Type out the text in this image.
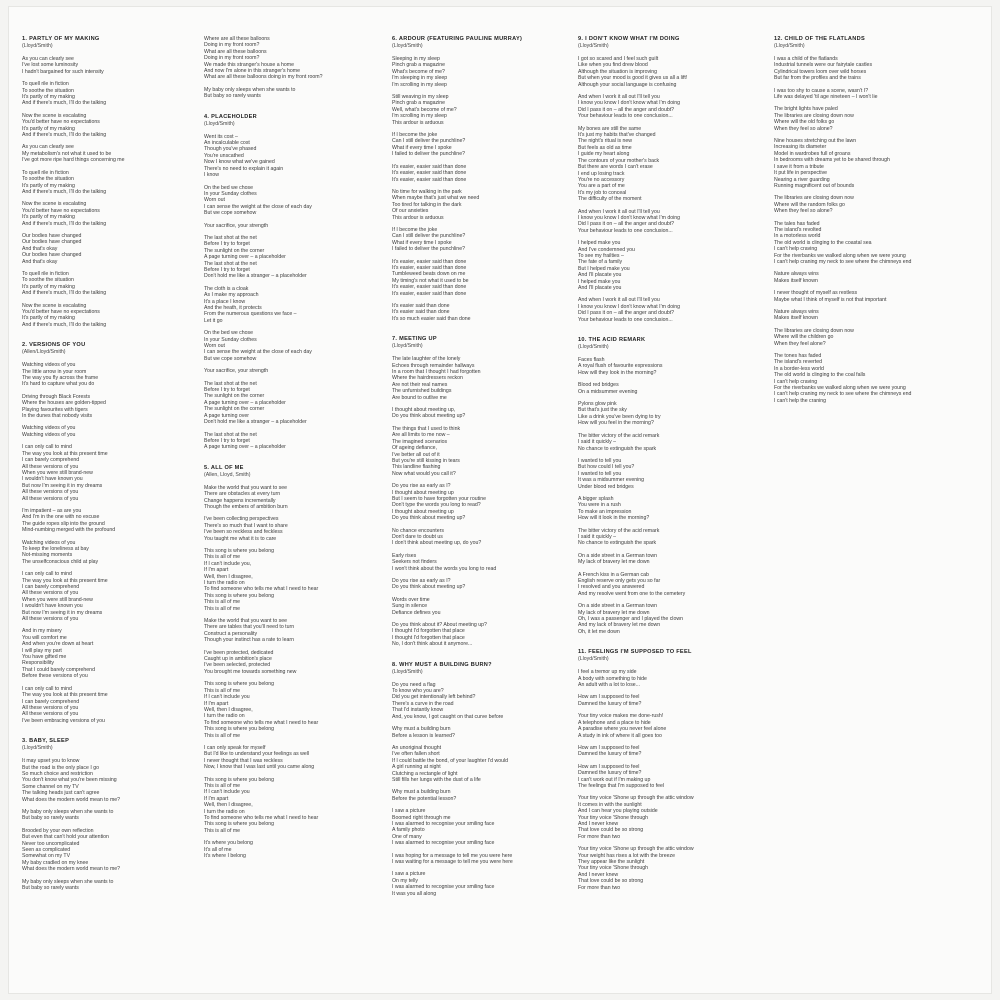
1. PARTLY OF MY MAKING
(Lloyd/Smith)
As you can clearly see
I've lost some luminosity
I hadn't bargained for such intensity
To quell rile in fiction
To soothe the situation
It's partly of my making
And if there's much, I'll do the talking
Now the scene is escalating
You'd better have no expectations
It's partly of my making
And if there's much, I'll do the talking
As you can clearly see
My metabolism's not what it used to be
I've got more ripe hard things concerning me
To quell rile in fiction
To soothe the situation
It's partly of my making
And if there's much, I'll do the talking
Now the scene is escalating
You'd better have no expectations
It's partly of my making
And if there's much, I'll do the talking
Our bodies have changed
Our bodies have changed
And that's okay
Our bodies have changed
And that's okay
To quell rile in fiction
To soothe the situation
It's partly of my making
And if there's much, I'll do the talking
Now the scene is escalating
You'd better have no expectations
It's partly of my making
And if there's much, I'll do the talking
2. VERSIONS OF YOU
(Allen/Lloyd/Smith)
Watching videos of you
The little arrow in your room
The way you fly across the frame
It's hard to capture what you do
Driving through Black Forests
Where the houses are golden-tipped
Playing favourites with tigers
In the dunes that nobody visits
Watching videos of you
Watching videos of you
I can only call to mind
The way you look at this present time
I can barely comprehend
All these versions of you
When you were still brand-new
I wouldn't have known you
But now I'm seeing it in my dreams
All these versions of you
All these versions of you
I'm impatient – as are you
And I'm in the one with no excuse
The guide ropes slip into the ground
Mind-numbing merged with the profound
Watching videos of you
To keep the loneliness at bay
Not-missing moments
The unselfconscious child at play
I can only call to mind
The way you look at this present time
I can barely comprehend
All these versions of you
When you were still brand-new
I wouldn't have known you
But now I'm seeing it in my dreams
All these versions of you
And in my misery
You will comfort me
And when you're down at heart
I will play my part
You have gifted me
Responsibility
That I could barely comprehend
Before these versions of you
I can only call to mind
The way you look at this present time
I can barely comprehend
All these versions of you
All these versions of you
I've been embracing versions of you
3. BABY, SLEEP
(Lloyd/Smith)
It may upset you to know
But the road is the only place I go
So much choice and restriction
You don't know what you're been missing
Some channel on my TV
The talking heads just can't agree
What does the modern world mean to me?
My baby only sleeps when she wants to
But baby so rarely wants
Brooded by your own reflection
But even that can't hold your attention
Never too uncomplicated
Seen as complicated
Somewhat on my TV
My baby cradled on my knee
What does the modern world mean to me?
My baby only sleeps when she wants to
But baby so rarely wants
Where are all these balloons
Doing in my front room?
What are all these balloons
Doing in my front room?
We made this stranger's house a home
And now I'm alone in this stranger's home
What are all these balloons doing in my front room?
My baby only sleeps when she wants to
But baby so rarely wants
4. PLACEHOLDER
(Lloyd/Smith)
Went its cost –
An incalculable cost
Though you've phased
You're unscathed
Now I know what we've gained
There's no need to explain it again
I know
On the bed we chose
In your Sunday clothes
Worn out
I can sense the weight at the close of each day
But we cope somehow
Your sacrifice, your strength
The last shot at the net
Before I try to forget
The sunlight on the corner
A page turning over – a placeholder
The last shot at the net
Before I try to forget
Don't hold me like a stranger – a placeholder
The cloth is a cloak
As I make my approach
It's a place I know
And the heath, it protects
From the numerous questions we face –
Let it go
On the bed we chose
In your Sunday clothes
Worn out
I can sense the weight at the close of each day
But we cope somehow
Your sacrifice, your strength
The last shot at the net
Before I try to forget
The sunlight on the corner
A page turning over – a placeholder
The sunlight on the corner
A page turning over
Don't hold me like a stranger – a placeholder
The last shot at the net
Before I try to forget
A page turning over – a placeholder
5. ALL OF ME
(Allen, Lloyd, Smith)
Make the world that you want to see
There are obstacles at every turn
Change happens incrementally
Though the embers of ambition burn
I've been collecting perspectives
There's so much that I want to share
I've been so reckless and feckless
You taught me what it is to care
This song is where you belong
This is all of me
If I can't include you,
If I'm apart
Well, then I disagree,
I turn the radio on
To find someone who tells me what I need to hear
This song is where you belong
This is all of me
This is all of me
Make the world that you want to see
There are tables that you'll need to turn
Construct a personality
Though your instinct has a rate to learn
I've been protected, dedicated
Caught up in ambition's place
I've been selected, protected
You brought me towards something new
This song is where you belong
This is all of me
If I can't include you
If I'm apart
Well, then I disagree,
I turn the radio on
To find someone who tells me what I need to hear
This song is where you belong
This is all of me
I can only speak for myself
But I'd like to understand your feelings as well
I never thought that I was reckless
Now, I know that I was last until you came along
This song is where you belong
This is all of me
If I can't include you
If I'm apart
Well, then I disagree,
I turn the radio on
To find someone who tells me what I need to hear
This song is where you belong
This is all of me
It's where you belong
It's all of me
It's where I belong
6. ARDOUR (FEATURING PAULINE MURRAY)
(Lloyd/Smith)
Sleeping in my sleep
Pinch grab a magazine
What's become of me?
I'm sleeping in my sleep
I'm scrolling in my sleep
Still weaving in my sleep
Pinch grab a magazine
Well, what's become of me?
I'm scrolling in my sleep
This ardour is arduous
If I become the joke
Can I still deliver the punchline?
What if every time I spoke
I failed to deliver the punchline?
It's easier, easier said than done
It's easier, easier said than done
It's easier, easier said than done
No time for walking in the park
When maybe that's just what we need
Too tired for talking in the dark
Of our anxieties
This ardour is arduous
If I become the joke
Can I still deliver the punchline?
What if every time I spoke
I failed to deliver the punchline?
It's easier, easier said than done
It's easier, easier said than done
Tumbleweed beats down on me
My timing's not what it used to be
It's easier, easier said than done
It's easier, easier said than done
It's easier said than done
It's easier said than done
It's so much easier said than done
7. MEETING UP
(Lloyd/Smith)
The late laughter of the lonely
Echoes through remainder hallways
In a room that I thought I had forgotten
Where the hairdressers reckon
Are not their real names
The unfurnished buildings
Are bound to outlive me
I thought about meeting up,
Do you think about meeting up?
The things that I used to think
Are all limits to me now –
The imagined scenarios
Of ageing defiance,
I've better all out of it
But you're still kissing in tears
This landline flashing
Now what would you call it?
Do you rise as early as I?
I thought about meeting up
But I seem to have forgotten your routine
Don't type the words you long to read?
I thought about meeting up
Do you think about meeting up?
No chance encounters
Don't dare to doubt us
I don't think about meeting up, do you?
Early rises
Seekers not finders
I won't think about the words you long to read
Do you rise as early as I?
Do you think about meeting up?
Words over time
Sung in silence
Defiance defines you
Do you think about it? About meeting up?
I thought I'd forgotten that place
I thought I'd forgotten that place
No, I don't think about it anymore...
8. WHY MUST A BUILDING BURN?
(Lloyd/Smith)
Do you need a flag
To know who you are?
Did you get intentionally left behind?
There's a curve in the road
That I'd instantly know
And, you know, I got caught on that curve before
Why must a building burn
Before a lesson is learned?
An unoriginal thought
I've often fallen short
If I could battle the bond, of your laughter I'd would
A girl running at night
Clutching a rectangle of light
Still fills her lungs with the dust of a life
Why must a building burn
Before the potential lesson?
I saw a picture
Boomed right through me
I was alarmed to recognise your smiling face
A family photo
One of many
I was alarmed to recognise your smiling face
I was hoping for a message to tell me you were here
I was waiting for a message to tell me you were here
I saw a picture
On my telly
I was alarmed to recognise your smiling face
It was you all along
9. I DON'T KNOW WHAT I'M DOING
(Lloyd/Smith)
I got so scared and I feel such guilt
Like when you find drew blood
Although the situation is improving
But when your mood is good it gives us all a lift!
Although your social language is confusing
And when I work it all out I'll tell you
I know you know I don't know what I'm doing
Did I pass it on – all the anger and doubt?
Your behaviour leads to one conclusion...
My bones are still the same
It's just my habits that've changed
The night's ritual is new
But feels as old as time
I guide my heart along
The contours of your mother's back
But there are words I can't erase
I end up losing track
You're no accessory
You are a part of me
It's my job to conceal
The difficulty of the moment
And when I work it all out I'll tell you
I know you know I don't know what I'm doing
Did I pass it on – all the anger and doubt?
Your behaviour leads to one conclusion...
I helped make you
And I've condemned you
To see my frailties –
The fate of a family
But I helped make you
And I'll placate you
I helped make you
And I'll placate you
And when I work it all out I'll tell you
I know you know I don't know what I'm doing
Did I pass it on – all the anger and doubt?
Your behaviour leads to one conclusion...
10. THE ACID REMARK
(Lloyd/Smith)
Faces flash
A royal flush of favourite expressions
How will they look in the morning?
Blood red bridges
On a midsummer evening
Pylons glow pink
But that's just the sky
Like a drink you've been dying to try
How will you feel in the morning?
The bitter victory of the acid remark
I said it quickly –
No chance to extinguish the spark
I wanted to tell you
But how could I tell you?
I wanted to tell you
It was a midsummer evening
Under blood red bridges
A bigger splash
You were in a rush
To make an impression
How will it look in the morning?
The bitter victory of the acid remark
I said it quickly –
No chance to extinguish the spark
On a side street in a German town
My lack of bravery let me down
A French kiss in a German cab
English reserve only gets you so far
I resolved and you answered
And my resolve went from one to the cemetery
On a side street in a German town
My lack of bravery let me down
Oh, I was a passenger and I played the clown
And my lack of bravery let me down
Oh, it let me down
11. FEELINGS I'M SUPPOSED TO FEEL
(Lloyd/Smith)
I feel a tremor up my side
A body with something to hide
An adult with a lot to lose...
How am I supposed to feel
Damned the luxury of time?
Your tiny voice makes me done-rush!
A telephone and a place to hide
A paradise where you never feel alone
A study in ink of where it all goes too
How am I supposed to feel
Damned the luxury of time?
How am I supposed to feel
Damned the luxury of time?
I can't work out if I'm making up
The feelings that I'm supposed to feel
Your tiny voice 'Shone up through the attic window
It comes in with the sunlight
And I can hear you playing outside
Your tiny voice 'Shone through
And I never knew
That love could be so strong
For more than two
Your tiny voice 'Shone up through the attic window
Your weight has rises a lot with the breeze
They appear like the sunlight
Your tiny voice 'Shone through
And I never knew
That love could be so strong
For more than two
12. CHILD OF THE FLATLANDS
(Lloyd/Smith)
I was a child of the flatlands
Industrial tunnels were our fairytale castles
Cylindrical towers loom over wild horses
But far from the profiles and the trains
I was too shy to cause a scene, wasn't I?
Life was delayed 'til age nineteen – I won't lie
The bright lights have paled
The libraries are closing down now
Where will the old folks go
When they feel so alone?
Nine houses stretching out the lawn
Increasing its diameter
Model in wardrobes full of groans
In bedrooms with dreams yet to be shared through
I save it from a tribute
It put life in perspective
Nearing a river guarding
Running magnificent out of bounds
The libraries are closing down now
Where will the random folks go
When they feel so alone?
The tales has faded
The island's revolted
In a motorless world
The old world is clinging to the coastal sea
I can't help craving
For the riverbanks we walked along when we were young
I can't help craning my neck to see where the chimneys end
Nature always wins
Makes itself known
I never thought of myself as restless
Maybe what I think of myself is not that important
Nature always wins
Makes itself known
The libraries are closing down now
Where will the children go
When they feel alone?
The tones has faded
The island's reverted
In a border-less world
The old world is clinging to the coal falls
I can't help craving
For the riverbanks we walked along when we were young
I can't help craning my neck to see where the chimneys end
I can't help the craning
